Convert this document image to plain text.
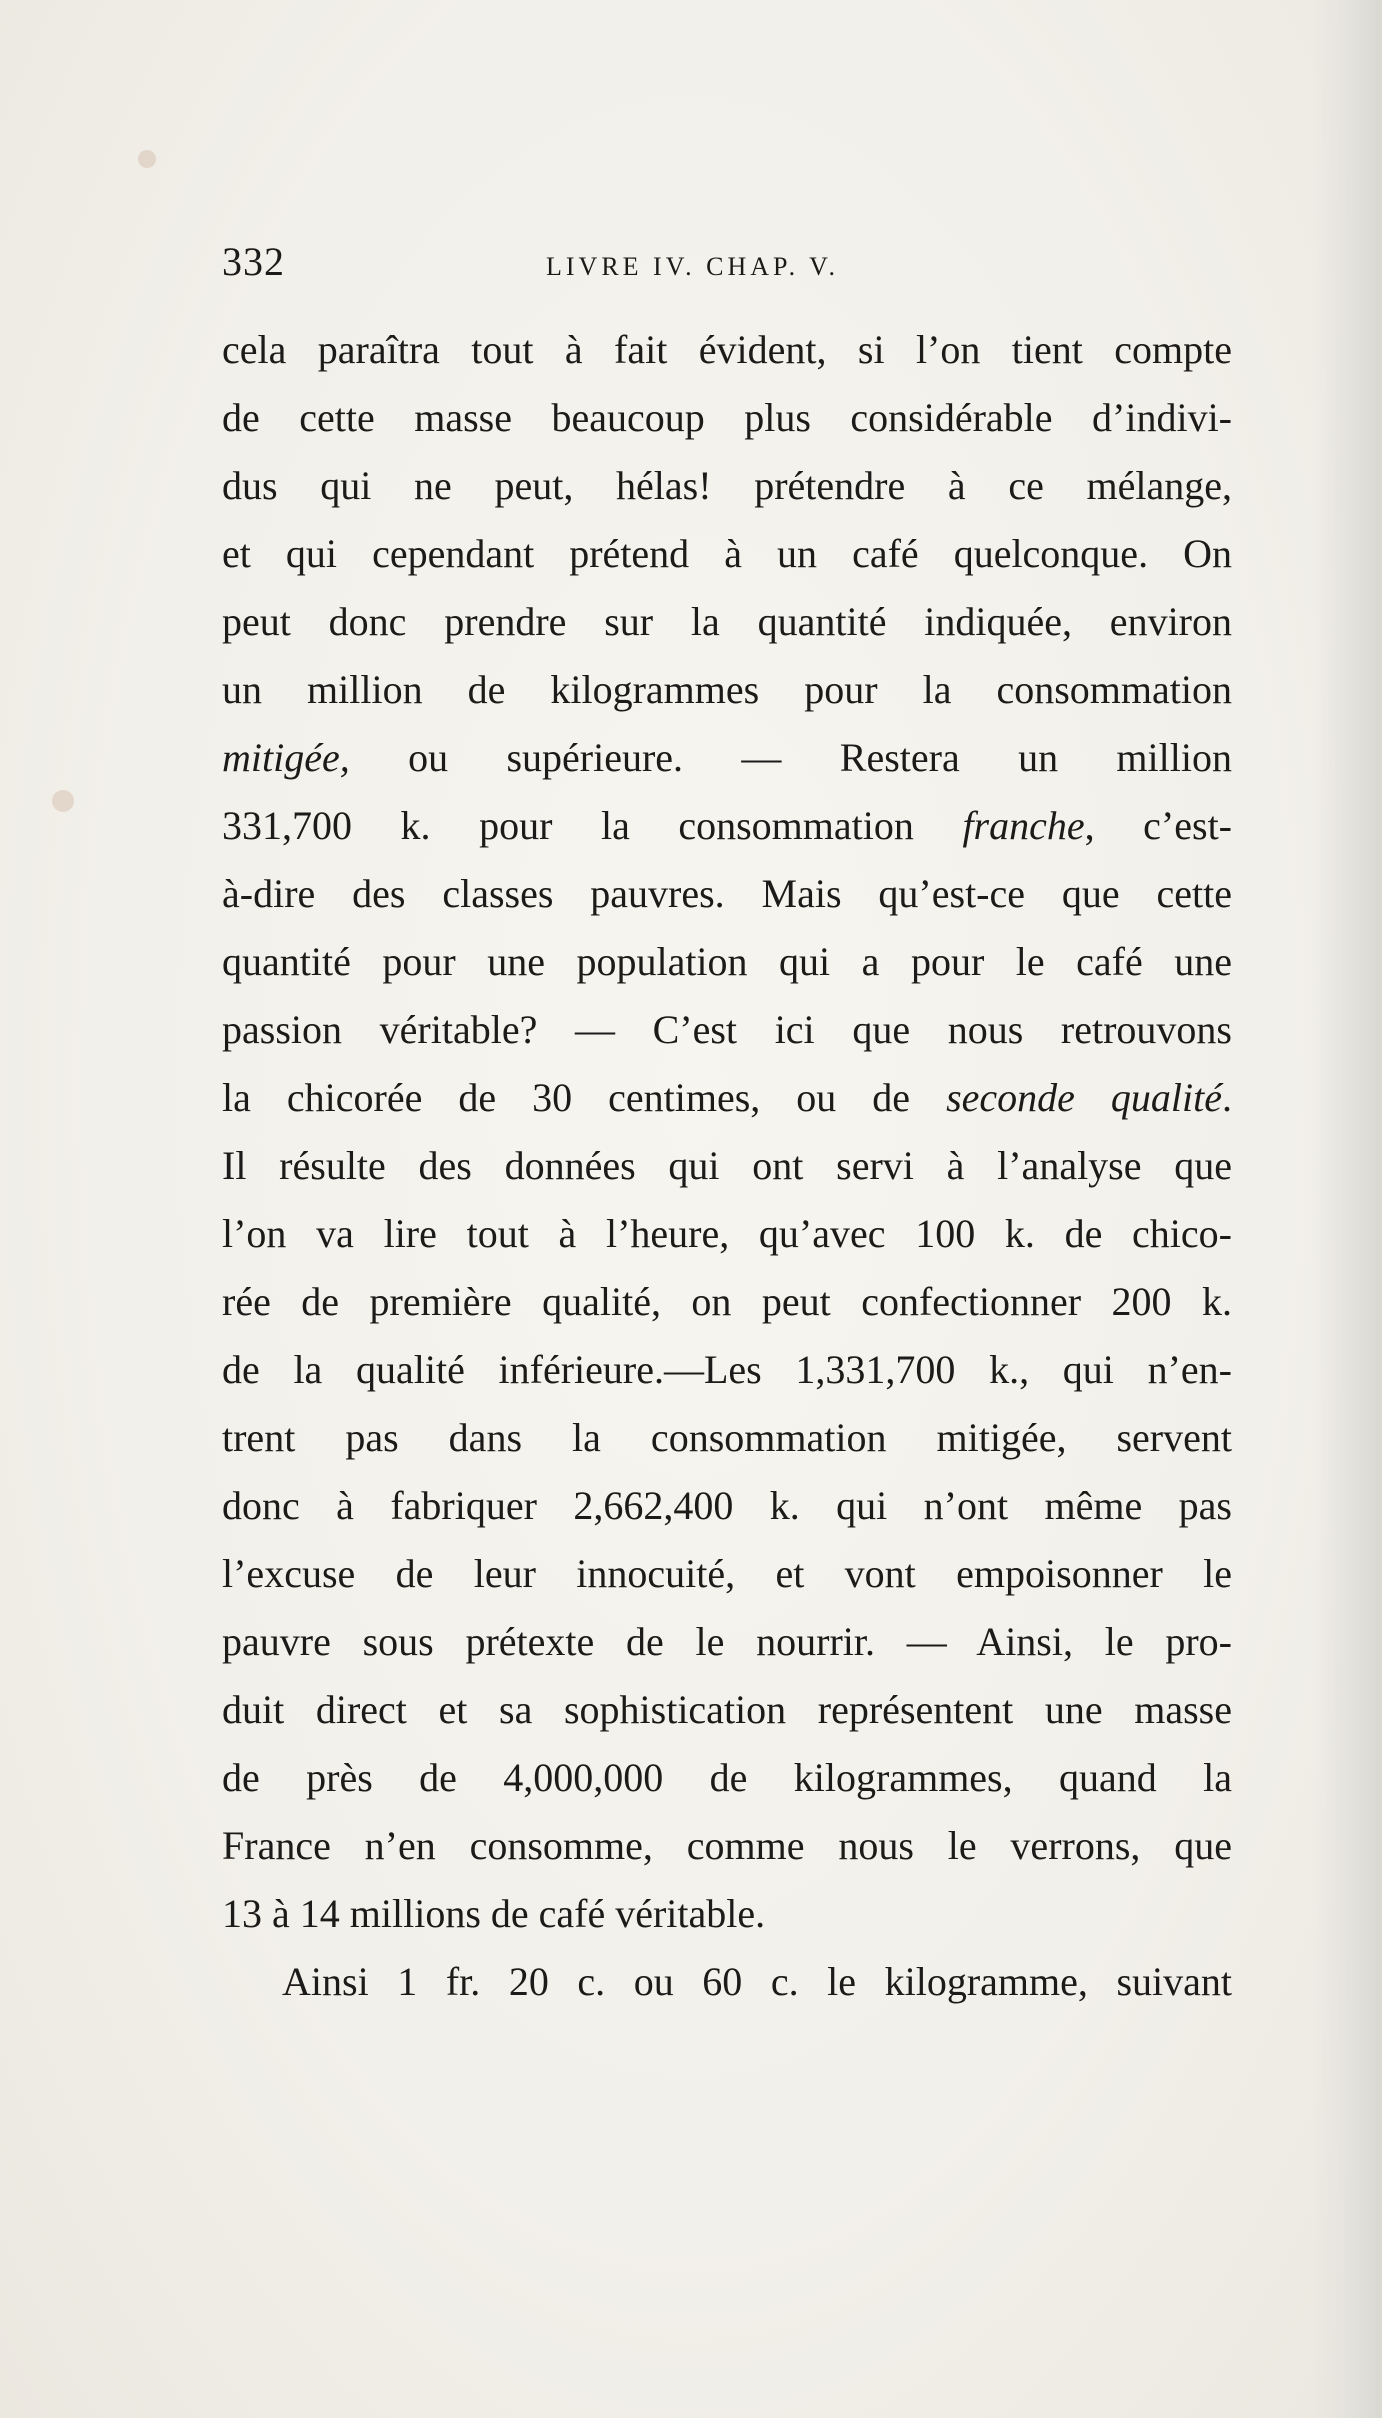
332	LIVRE IV. CHAP. V.
cela paraîtra tout à fait évident, si l’on tient compte
de cette masse beaucoup plus considérable d’indivi-
dus qui ne peut, hélas! prétendre à ce mélange,
et qui cependant prétend à un café quelconque. On
peut donc prendre sur la quantité indiquée, environ
un million de kilogrammes pour la consommation
mitigée, ou supérieure. — Restera un million
331,700 k. pour la consommation franche, c’est-
à-dire des classes pauvres. Mais qu’est-ce que cette
quantité pour une population qui a pour le café une
passion véritable? — C’est ici que nous retrouvons
la chicorée de 30 centimes, ou de seconde qualité.
Il résulte des données qui ont servi à l’analyse que
l’on va lire tout à l’heure, qu’avec 100 k. de chico-
rée de première qualité, on peut confectionner 200 k.
de la qualité inférieure.—Les 1,331,700 k., qui n’en-
trent pas dans la consommation mitigée, servent
donc à fabriquer 2,662,400 k. qui n’ont même pas
l’excuse de leur innocuité, et vont empoisonner le
pauvre sous prétexte de le nourrir. — Ainsi, le pro-
duit direct et sa sophistication représentent une masse
de près de 4,000,000 de kilogrammes, quand la
France n’en consomme, comme nous le verrons, que
13 à 14 millions de café véritable.
Ainsi 1 fr. 20 c. ou 60 c. le kilogramme, suivant
